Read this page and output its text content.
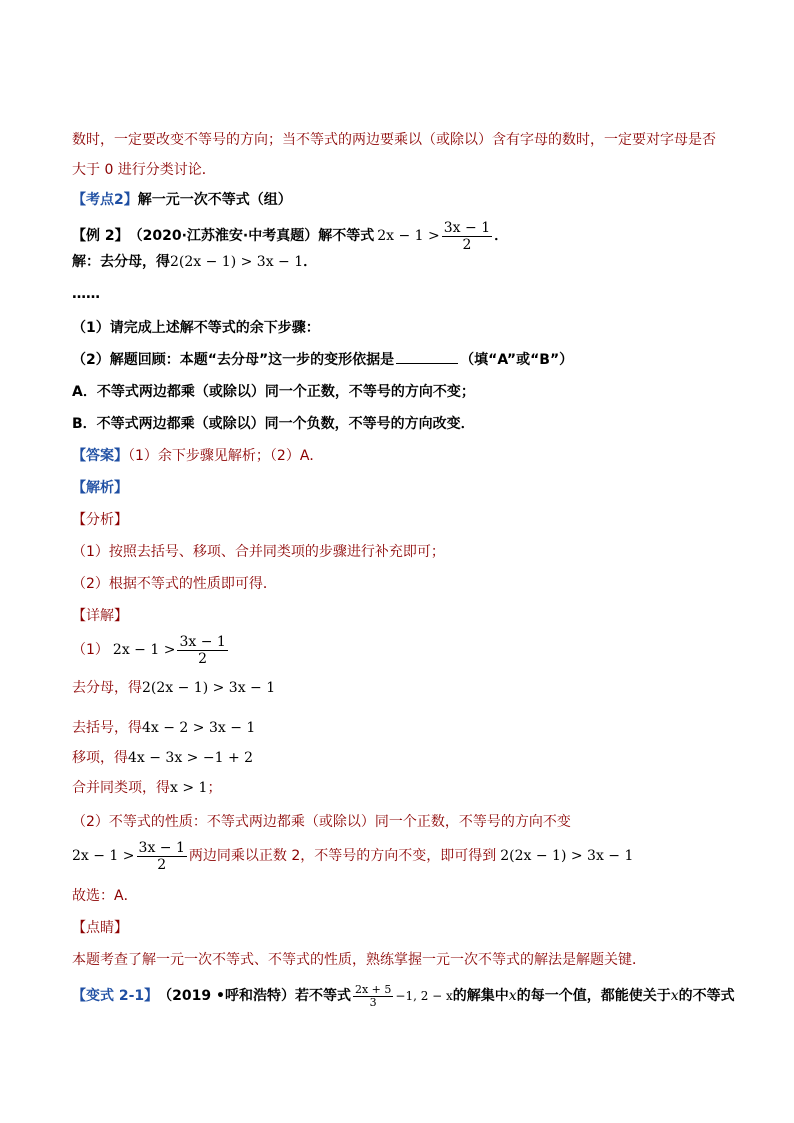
数时，一定要改变不等号的方向；当不等式的两边要乘以（或除以）含有字母的数时，一定要对字母是否
大于 0 进行分类讨论．
【考点2】解一元一次不等式（组）
【例 2】 （2020·江苏淮安·中考真题） 解不等式 $2x - 1 > \frac{3x - 1}{2}$ ．
解：去分母，得2(2x − 1) > 3x − 1．
……
（1）请完成上述解不等式的余下步骤：
（2）解题回顾：本题“去分母”这一步的变形依据是	（填“A”或“B”）
A．不等式两边都乘（或除以）同一个正数，不等号的方向不变；
B．不等式两边都乘（或除以）同一个负数，不等号的方向改变．
【答案】（1）余下步骤见解析；（2）A．
【解析】
【分析】
（1）按照去括号、移项、合并同类项的步骤进行补充即可；
（2）根据不等式的性质即可得．
【详解】
（1） $2x - 1 > \frac{3x - 1}{2}$
去分母，得2(2x − 1) > 3x − 1
去括号，得4x − 2 > 3x − 1
移项，得4x − 3x > −1 + 2
合并同类项，得x > 1；
（2）不等式的性质：不等式两边都乘（或除以）同一个正数，不等号的方向不变
$2x - 1 > \frac{3x - 1}{2}$ 两边同乘以正数 2，不等号的方向不变，即可得到 2(2x − 1) > 3x − 1
故选：A．
【点睛】
本题考查了解一元一次不等式、不等式的性质，熟练掌握一元一次不等式的解法是解题关键．
【变式 2-1】 （2019 •呼和浩特） 若不等式 $\frac{2x + 5}{3} -1$, 2 − x 的解集中 x 的每一个值，都能使关于 x 的不等式
